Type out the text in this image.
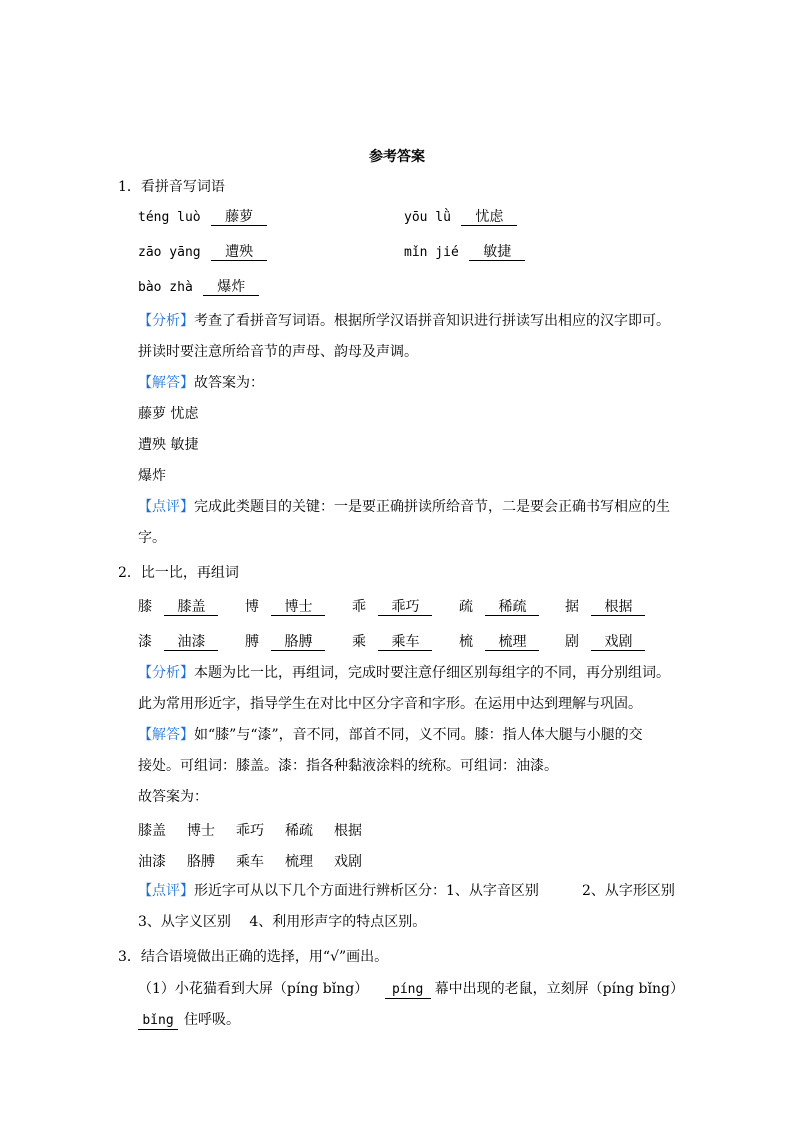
参考答案
1．看拼音写词语
téng luò 藤萝	yōu lǜ 忧虑
zāo yāng 遭殃	mǐn jié 敏捷
bào zhà 爆炸
【分析】考查了看拼音写词语。根据所学汉语拼音知识进行拼读写出相应的汉字即可。
拼读时要注意所给音节的声母、韵母及声调。
【解答】故答案为：
藤萝 忧虑
遭殃 敏捷
爆炸
【点评】完成此类题目的关键：一是要正确拼读所给音节，二是要会正确书写相应的生
字。
2．比一比，再组词
膝 膝盖	博 博士	乖 乖巧	疏 稀疏	据 根据
漆 油漆	膊 胳膊	乘 乘车	梳 梳理	剧 戏剧
【分析】本题为比一比，再组词，完成时要注意仔细区别每组字的不同，再分别组词。
此为常用形近字，指导学生在对比中区分字音和字形。在运用中达到理解与巩固。
【解答】如“膝”与“漆”，音不同，部首不同，义不同。膝：指人体大腿与小腿的交
接处。可组词：膝盖。漆：指各种黏液涂料的统称。可组词：油漆。
故答案为：
膝盖 博士 乖巧 稀疏 根据
油漆 胳膊 乘车 梳理 戏剧
【点评】形近字可从以下几个方面进行辨析区分：1、从字音区别	2、从字形区别
3、从字义区别　 4、利用形声字的特点区别。
3．结合语境做出正确的选择，用“√”画出。
（1）小花猫看到大屏（píng bǐng） píng 幕中出现的老鼠，立刻屏（píng bǐng）
bǐng 住呼吸。
